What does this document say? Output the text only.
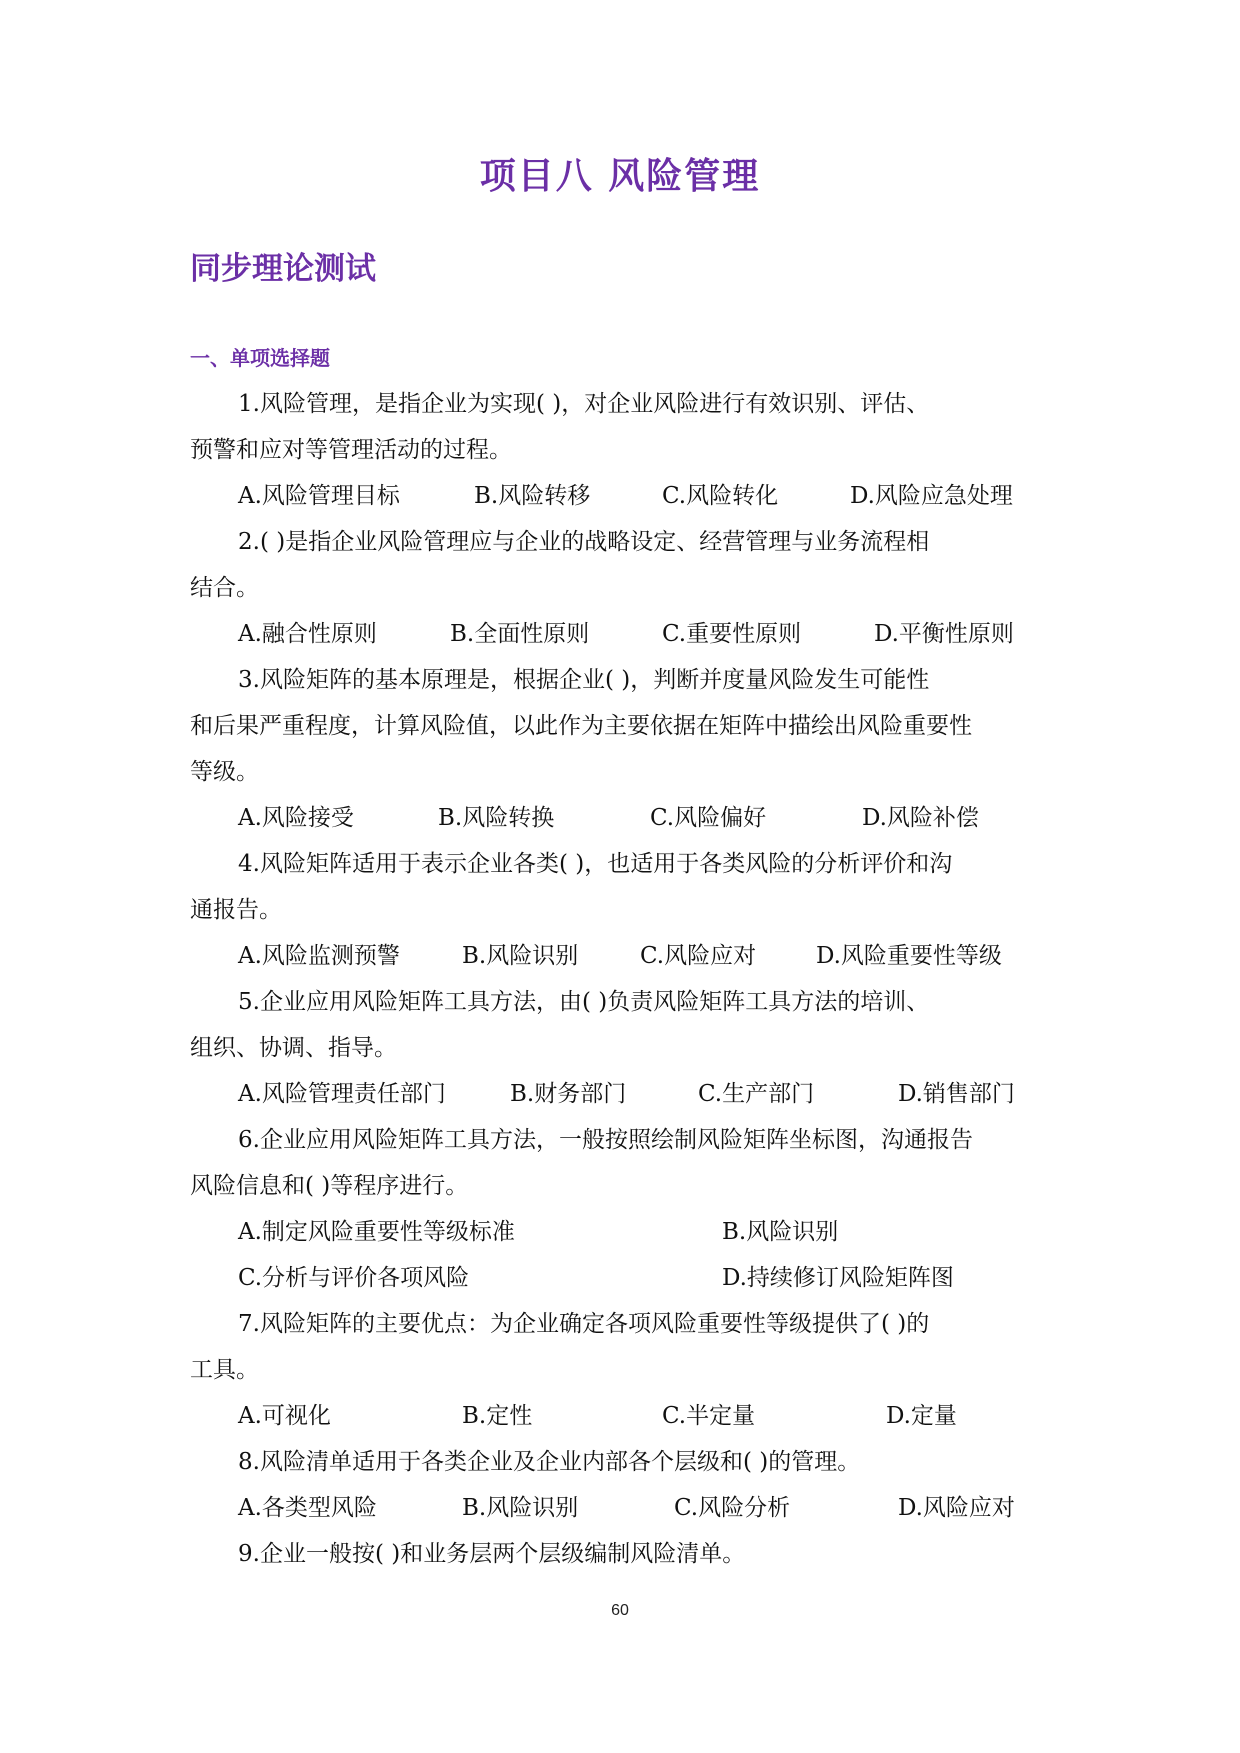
项目八 风险管理
同步理论测试
一、单项选择题
1.风险管理，是指企业为实现( )，对企业风险进行有效识别、评估、
预警和应对等管理活动的过程。
A.风险管理目标	B.风险转移	C.风险转化	D.风险应急处理
2.( )是指企业风险管理应与企业的战略设定、经营管理与业务流程相
结合。
A.融合性原则	B.全面性原则	C.重要性原则	D.平衡性原则
3.风险矩阵的基本原理是，根据企业( )，判断并度量风险发生可能性
和后果严重程度，计算风险值，以此作为主要依据在矩阵中描绘出风险重要性
等级。
A.风险接受	B.风险转换	C.风险偏好	D.风险补偿
4.风险矩阵适用于表示企业各类( )，也适用于各类风险的分析评价和沟
通报告。
A.风险监测预警	B.风险识别	C.风险应对	D.风险重要性等级
5.企业应用风险矩阵工具方法，由( )负责风险矩阵工具方法的培训、
组织、协调、指导。
A.风险管理责任部门	B.财务部门	C.生产部门	D.销售部门
6.企业应用风险矩阵工具方法，一般按照绘制风险矩阵坐标图，沟通报告
风险信息和( )等程序进行。
A.制定风险重要性等级标准	B.风险识别
C.分析与评价各项风险	D.持续修订风险矩阵图
7.风险矩阵的主要优点：为企业确定各项风险重要性等级提供了( )的
工具。
A.可视化	B.定性	C.半定量	D.定量
8.风险清单适用于各类企业及企业内部各个层级和( )的管理。
A.各类型风险	B.风险识别	C.风险分析	D.风险应对
9.企业一般按( )和业务层两个层级编制风险清单。
60
